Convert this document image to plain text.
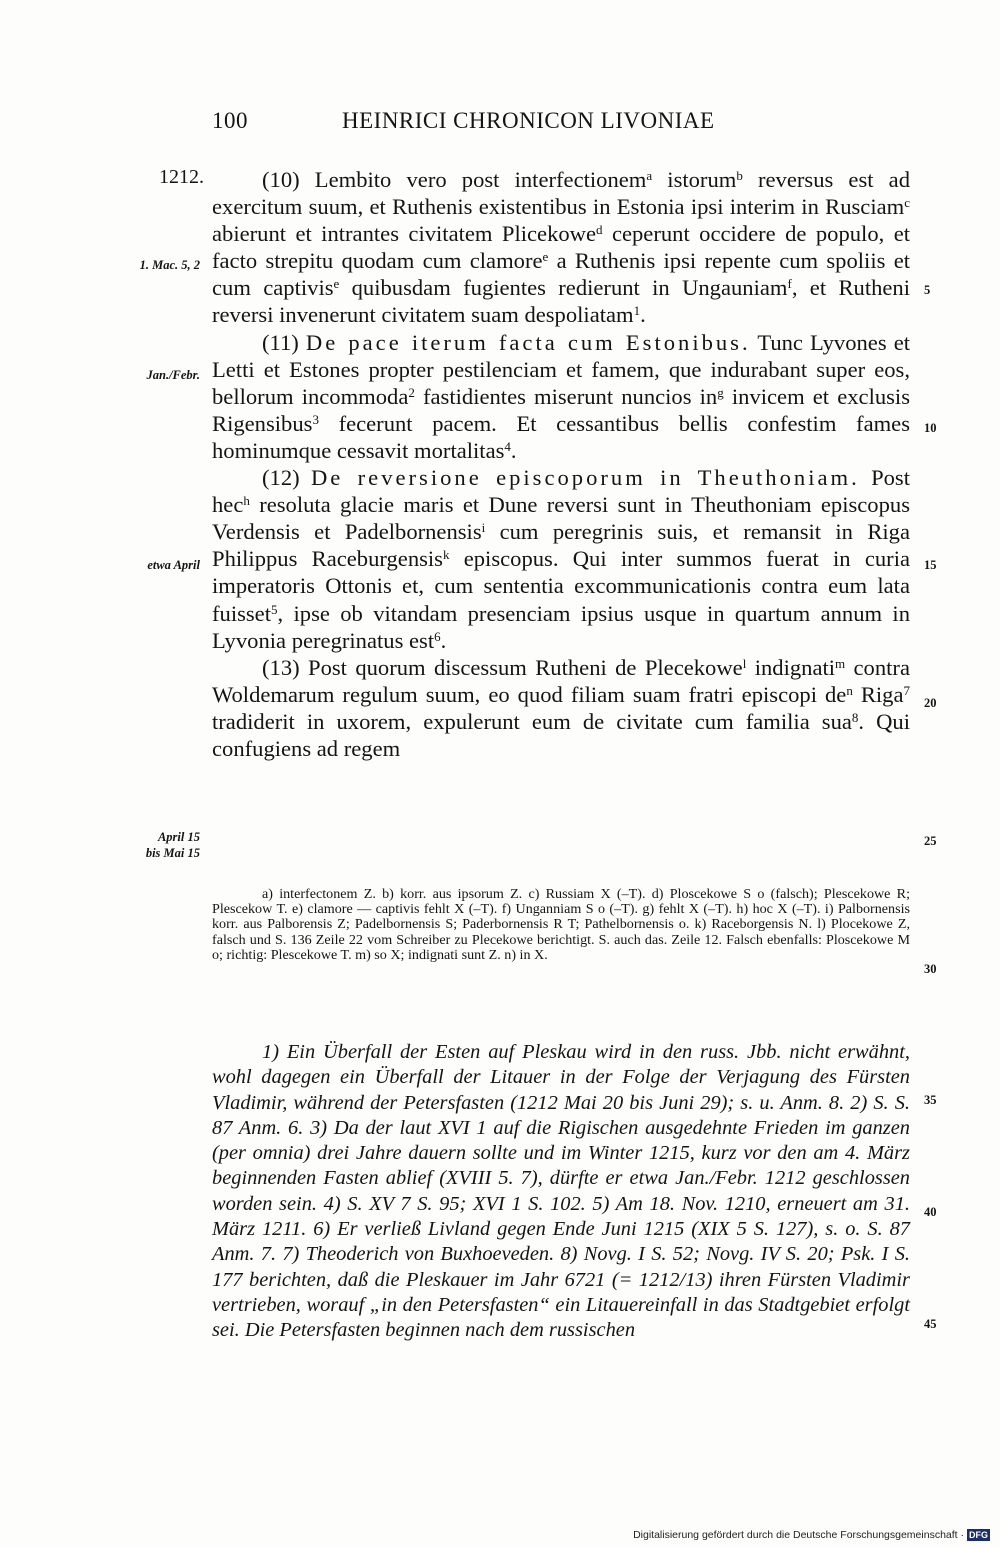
100	HEINRICI CHRONICON LIVONIAE
1212.
1. Mac. 5, 2
Jan./Febr.
etwa April
April 15
bis Mai 15
5
10
15
20
25
30
35
40
45

(10) Lembito vero post interfectionem$^a$ istorum$^b$ reversus est ad exercitum suum, et Ruthenis existentibus in Estonia ipsi interim in Rusciam$^c$ abierunt et intrantes civitatem Plicekowe$^d$ ceperunt occidere de populo, et facto strepitu quodam cum clamore$^e$ a Ruthenis ipsi repente cum spoliis et cum captivis$^e$ quibusdam fugientes redierunt in Ungauniam$^f$, et Rutheni reversi invenerunt civitatem suam despoliatam$^1$.

(11) De pace iterum facta cum Estonibus. Tunc Lyvones et Letti et Estones propter pestilenciam et famem, que indurabant super eos, bellorum incommoda$^2$ fastidientes miserunt nuncios $in^g$ invicem et exclusis Rigensibus$^3$ fecerunt pacem. Et cessantibus bellis confestim fames hominumque cessavit mortalitas$^4$.

(12) De reversione episcoporum in Theuthoniam. Post hec$^h$ resoluta glacie maris et Dune reversi sunt in Theuthoniam episcopus Verdensis et Padelbornensis$^i$ cum peregrinis suis, et remansit in Riga Philippus Raceburgensis$^k$ episcopus. Qui inter summos fuerat in curia imperatoris Ottonis et, cum sententia excommunicationis contra eum lata fuisset$^5$, ipse ob vitandam presenciam ipsius usque in quartum annum in Lyvonia peregrinatus est$^6$.

(13) Post quorum discessum Rutheni de Plecekowe$^l$ indignati$^m$ contra Woldemarum regulum suum, eo quod filiam suam fratri episcopi $de^n$ Riga$^7$ tradiderit in uxorem, expulerunt eum de civitate cum familia sua$^8$. Qui confugiens ad regem

a) interfectonem Z. b) korr. aus ipsorum Z. c) Russiam X (–T). d) Ploscekowe S o (falsch); Plescekowe R; Plescekow T. e) clamore — captivis fehlt X (–T). f) Unganniam S o (–T). g) fehlt X (–T). h) hoc X (–T). i) Palbornensis korr. aus Palborensis Z; Padelbornensis S; Paderbornensis R T; Pathelbornensis o. k) Raceborgensis N. l) Plocekowe Z, falsch und S. 136 Zeile 22 vom Schreiber zu Plecekowe berichtigt. S. auch das. Zeile 12. Falsch ebenfalls: Ploscekowe M o; richtig: Plescekowe T. m) so X; indignati sunt Z. n) in X.

1) Ein Überfall der Esten auf Pleskau wird in den russ. Jbb. nicht erwähnt, wohl dagegen ein Überfall der Litauer in der Folge der Verjagung des Fürsten Vladimir, während der Petersfasten (1212 Mai 20 bis Juni 29); s. u. Anm. 8. 2) S. S. 87 Anm. 6. 3) Da der laut XVI 1 auf die Rigischen ausgedehnte Frieden im ganzen (per omnia) drei Jahre dauern sollte und im Winter 1215, kurz vor den am 4. März beginnenden Fasten ablief (XVIII 5. 7), dürfte er etwa Jan./Febr. 1212 geschlossen worden sein. 4) S. XV 7 S. 95; XVI 1 S. 102. 5) Am 18. Nov. 1210, erneuert am 31. März 1211. 6) Er verließ Livland gegen Ende Juni 1215 (XIX 5 S. 127), s. o. S. 87 Anm. 7. 7) Theoderich von Buxhoeveden. 8) Novg. I S. 52; Novg. IV S. 20; Psk. I S. 177 berichten, daß die Pleskauer im Jahr 6721 (= 1212/13) ihren Fürsten Vladimir vertrieben, worauf „in den Petersfasten“ ein Litauereinfall in das Stadtgebiet erfolgt sei. Die Petersfasten beginnen nach dem russischen

Digitalisierung gefördert durch die Deutsche Forschungsgemeinschaft · DFG
